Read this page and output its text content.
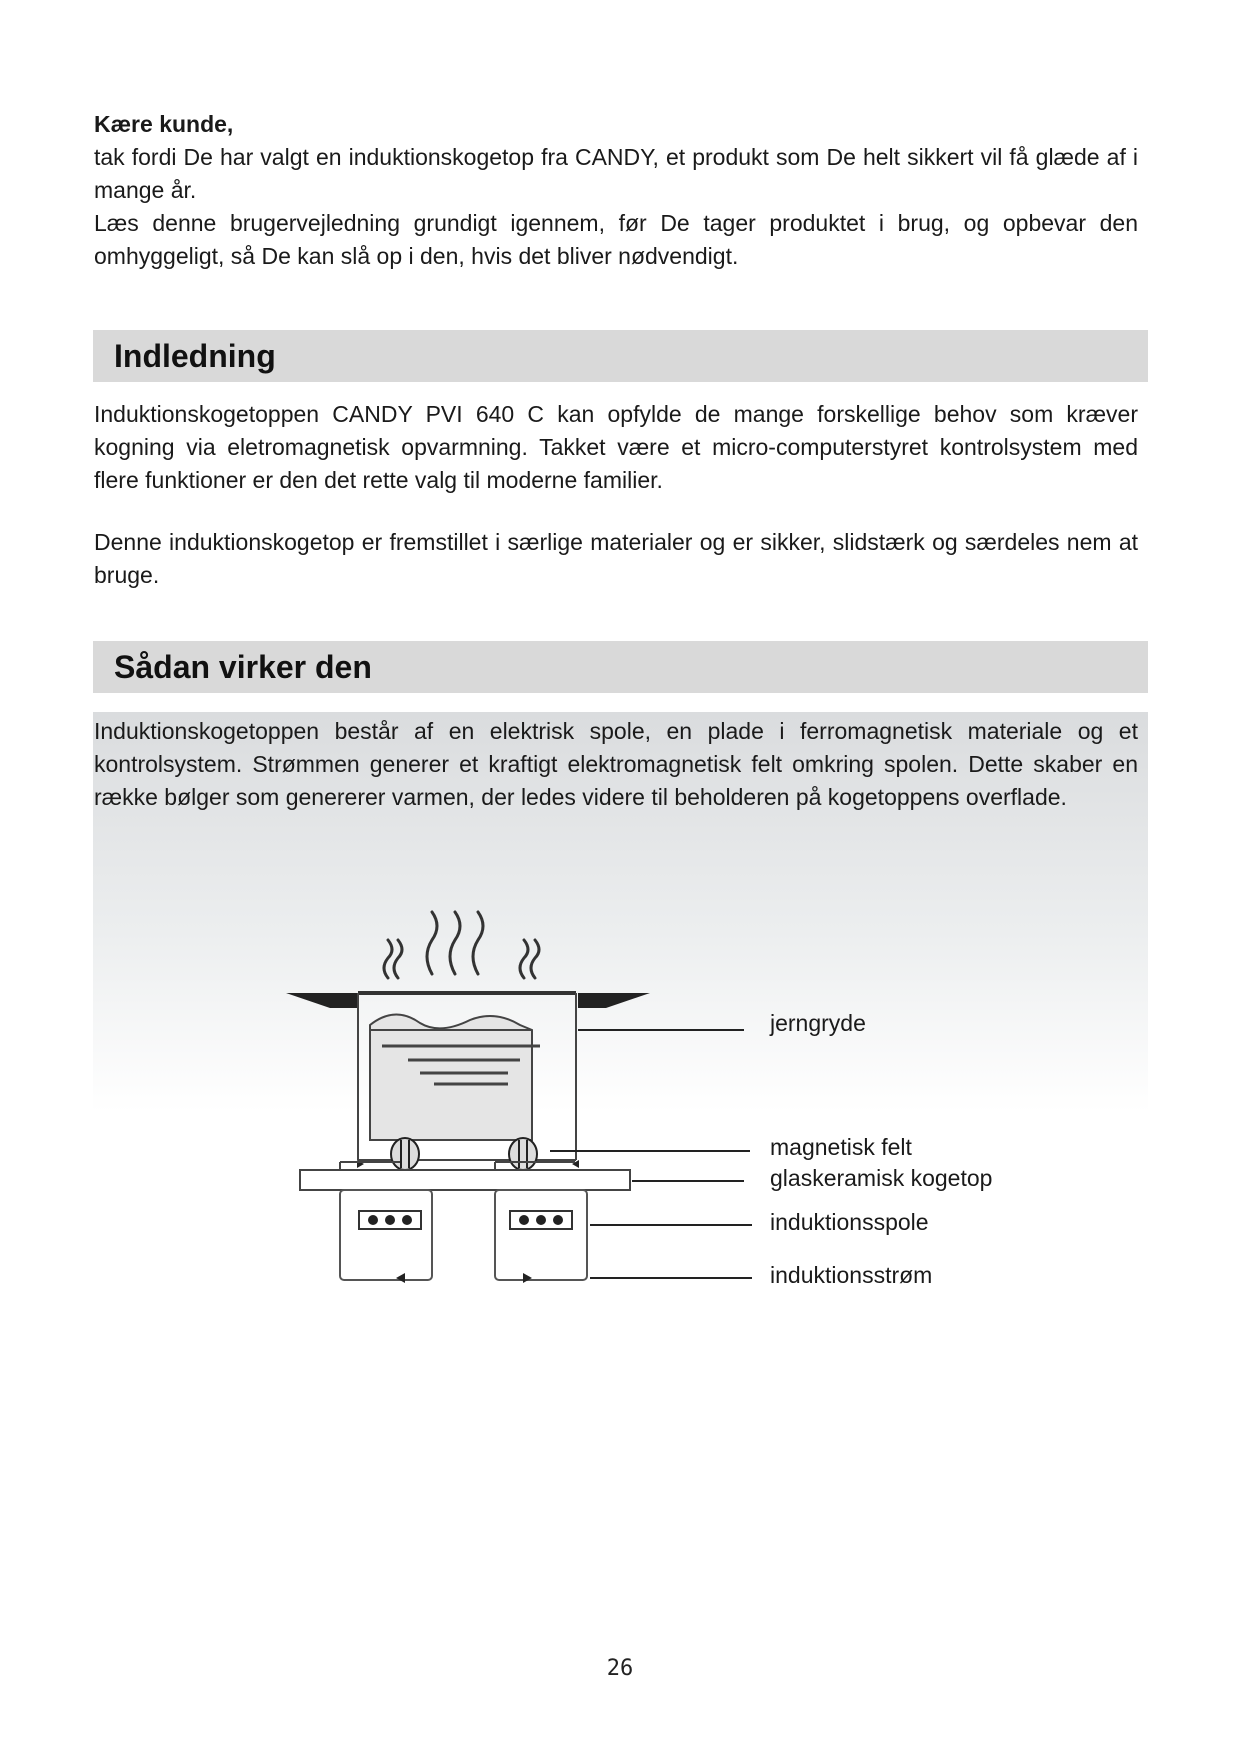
Kære kunde,

tak fordi De har valgt en induktionskogetop fra CANDY, et produkt som De helt sikkert vil få glæde af i mange år.

Læs denne brugervejledning grundigt igennem, før De tager produktet i brug, og opbevar den omhyggeligt, så De kan slå op i den, hvis det bliver nødvendigt.

Indledning

Induktionskogetoppen CANDY PVI 640 C kan opfylde de mange forskellige behov som kræver kogning via eletromagnetisk opvarmning. Takket være et micro-computerstyret kontrolsystem med flere funktioner er den det rette valg til moderne familier.

Denne induktionskogetop er fremstillet i særlige materialer og er sikker, slidstærk og særdeles nem at bruge.

Sådan virker den

Induktionskogetoppen består af en elektrisk spole, en plade i ferromagnetisk materiale og et kontrolsystem. Strømmen generer et kraftigt elektromagnetisk felt omkring spolen. Dette skaber en række bølger som genererer varmen, der ledes videre til beholderen på kogetoppens overflade.

jerngryde
magnetisk felt
glaskeramisk kogetop
induktionsspole
induktionsstrøm
26
